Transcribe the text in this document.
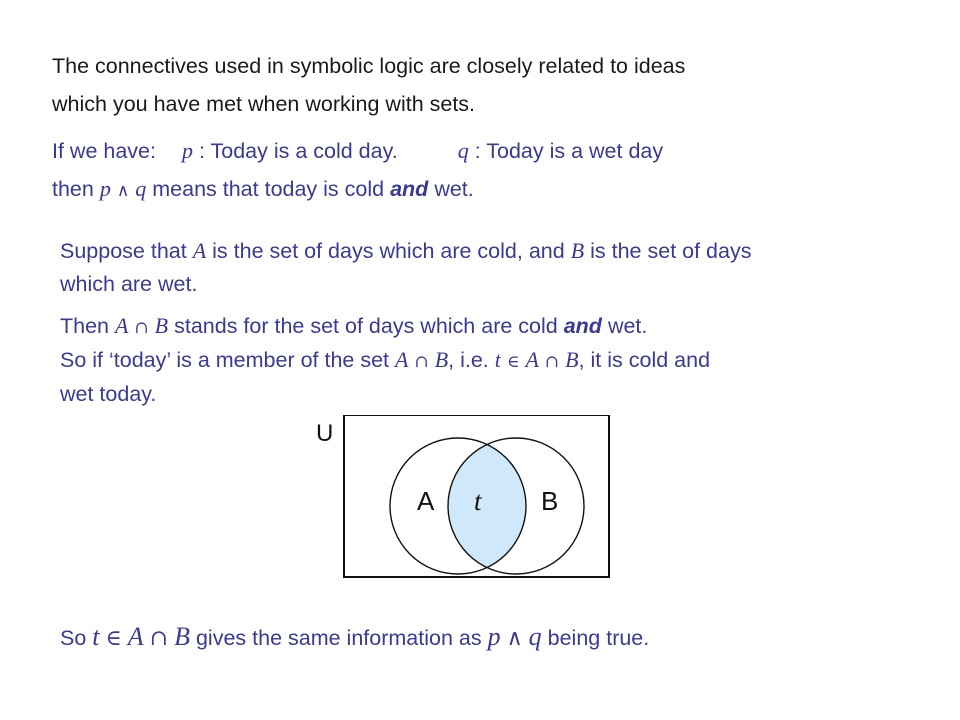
The connectives used in symbolic logic are closely related to ideas
which you have met when working with sets.
If we have: p : Today is a cold day.	q : Today is a wet day
then p ∧ q means that today is cold and wet.
Suppose that A is the set of days which are cold, and B is the set of days
which are wet.
Then A ∩ B stands for the set of days which are cold and wet.
So if ‘today’ is a member of the set A ∩ B, i.e. t ∈ A ∩ B, it is cold and
wet today.
U
A t B
So t ∈ A ∩ B gives the same information as p ∧ q being true.
